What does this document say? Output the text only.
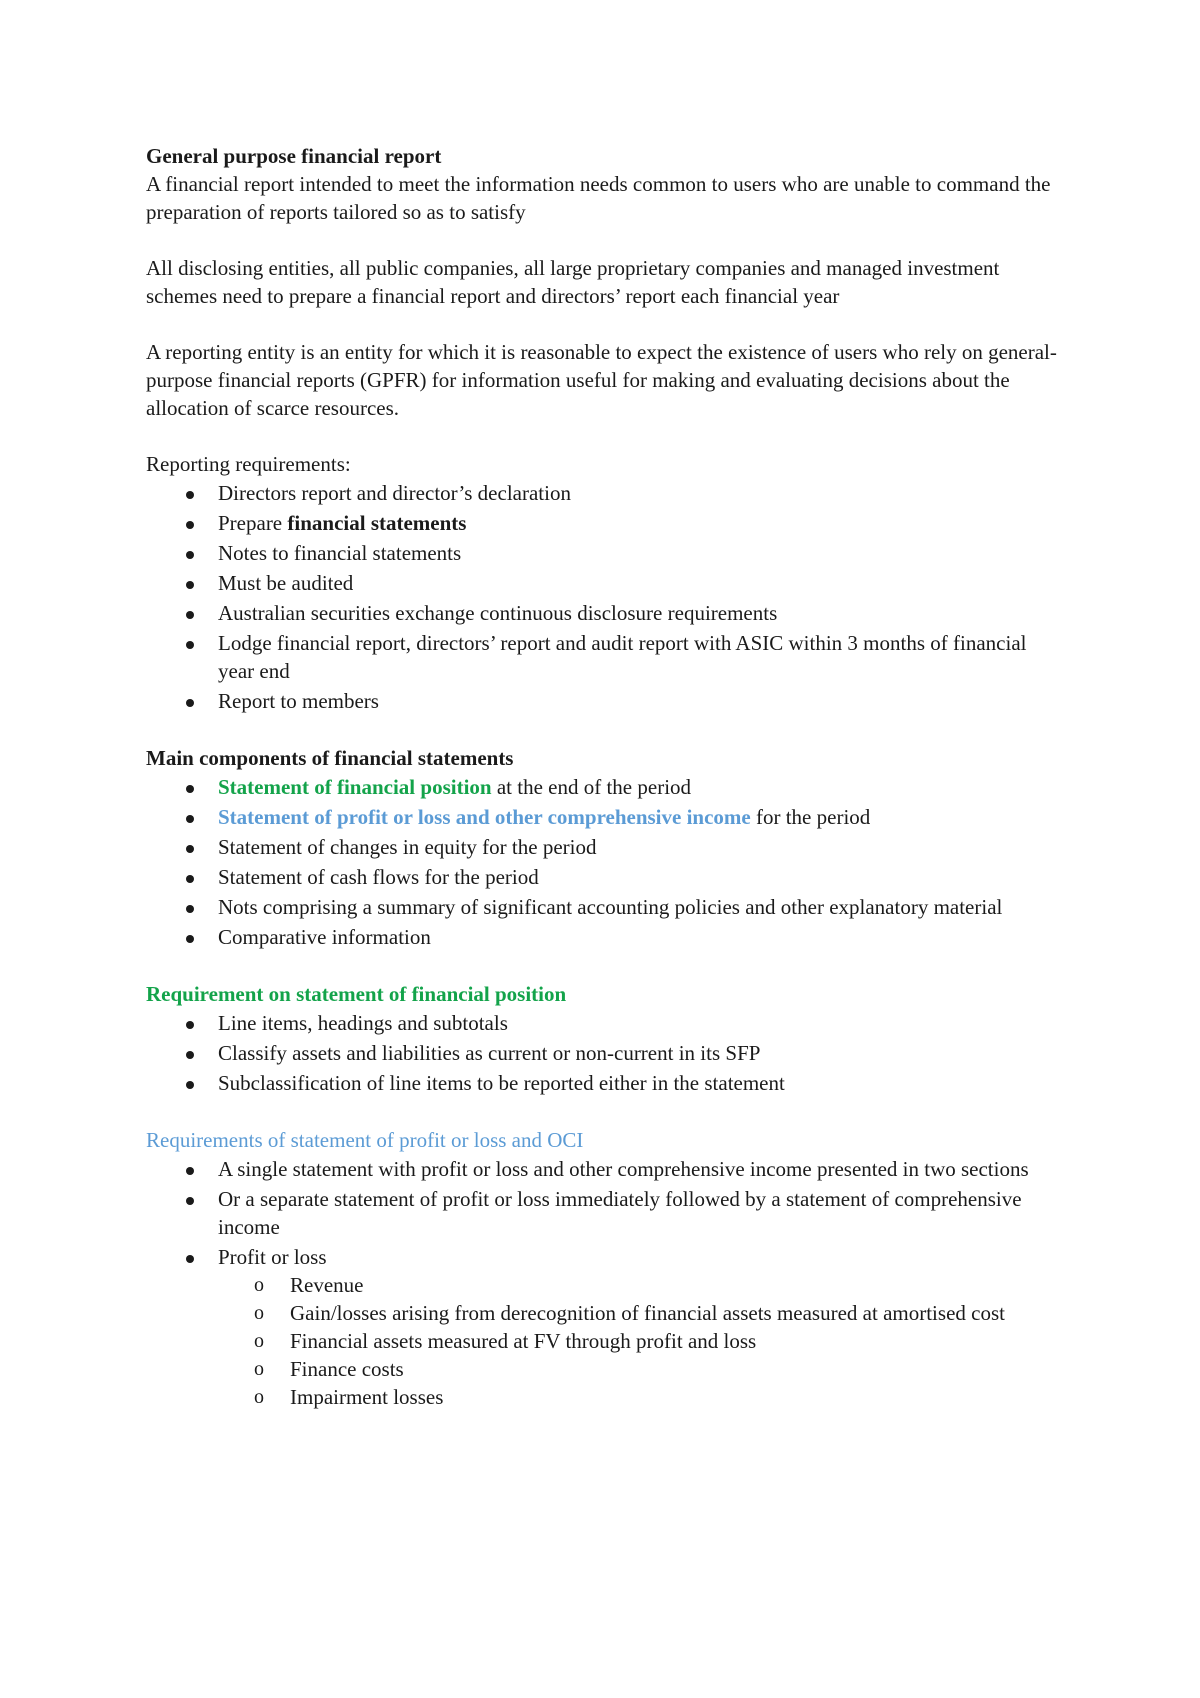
General purpose financial report

A financial report intended to meet the information needs common to users who are unable to command the preparation of reports tailored so as to satisfy

All disclosing entities, all public companies, all large proprietary companies and managed investment schemes need to prepare a financial report and directors’ report each financial year

A reporting entity is an entity for which it is reasonable to expect the existence of users who rely on general-purpose financial reports (GPFR) for information useful for making and evaluating decisions about the allocation of scarce resources.

Reporting requirements:

Directors report and director’s declaration
Prepare financial statements
Notes to financial statements
Must be audited
Australian securities exchange continuous disclosure requirements
Lodge financial report, directors’ report and audit report with ASIC within 3 months of financial year end
Report to members

Main components of financial statements

Statement of financial position at the end of the period
Statement of profit or loss and other comprehensive income for the period
Statement of changes in equity for the period
Statement of cash flows for the period
Nots comprising a summary of significant accounting policies and other explanatory material
Comparative information

Requirement on statement of financial position

Line items, headings and subtotals
Classify assets and liabilities as current or non-current in its SFP
Subclassification of line items to be reported either in the statement

Requirements of statement of profit or loss and OCI

A single statement with profit or loss and other comprehensive income presented in two sections
Or a separate statement of profit or loss immediately followed by a statement of comprehensive income
Profit or loss
o Revenue
o Gain/losses arising from derecognition of financial assets measured at amortised cost
o Financial assets measured at FV through profit and loss
o Finance costs
o Impairment losses
